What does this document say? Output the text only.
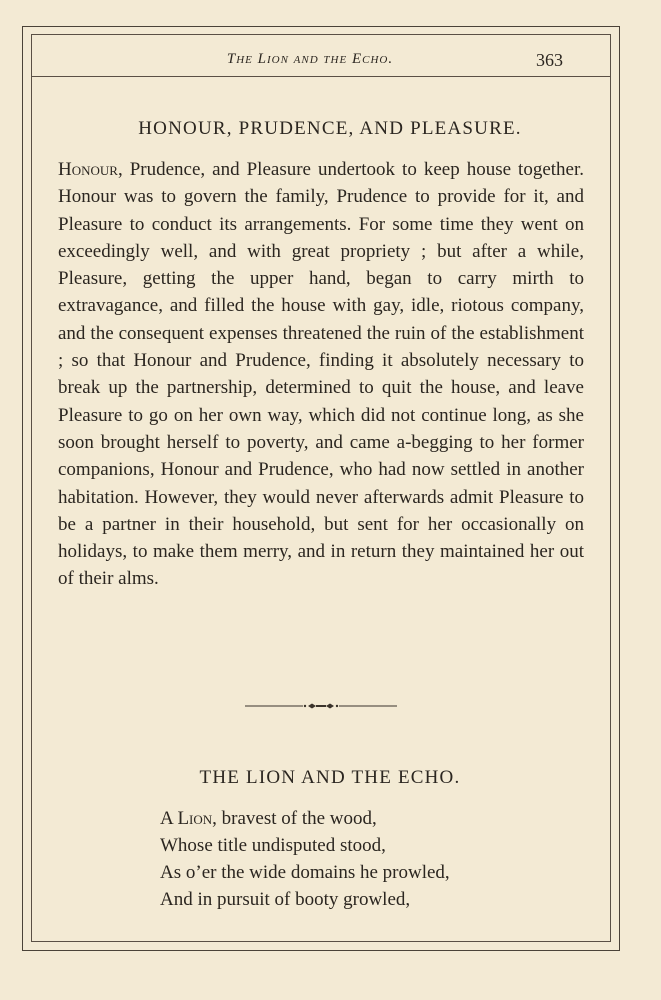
The Lion and the Echo.	363
HONOUR, PRUDENCE, AND PLEASURE.

Honour, Prudence, and Pleasure undertook to keep house together. Honour was to govern the family, Prudence to provide for it, and Pleasure to conduct its arrangements. For some time they went on exceedingly well, and with great propriety ; but after a while, Pleasure, getting the upper hand, began to carry mirth to extravagance, and filled the house with gay, idle, riotous company, and the consequent expenses threatened the ruin of the establishment ; so that Honour and Prudence, finding it absolutely necessary to break up the partnership, determined to quit the house, and leave Pleasure to go on her own way, which did not continue long, as she soon brought herself to poverty, and came a-begging to her former companions, Honour and Prudence, who had now settled in another habitation. However, they would never afterwards admit Pleasure to be a partner in their household, but sent for her occasionally on holidays, to make them merry, and in return they maintained her out of their alms.

THE LION AND THE ECHO.
A Lion, bravest of the wood,
Whose title undisputed stood,
As o’er the wide domains he prowled,
And in pursuit of booty growled,
